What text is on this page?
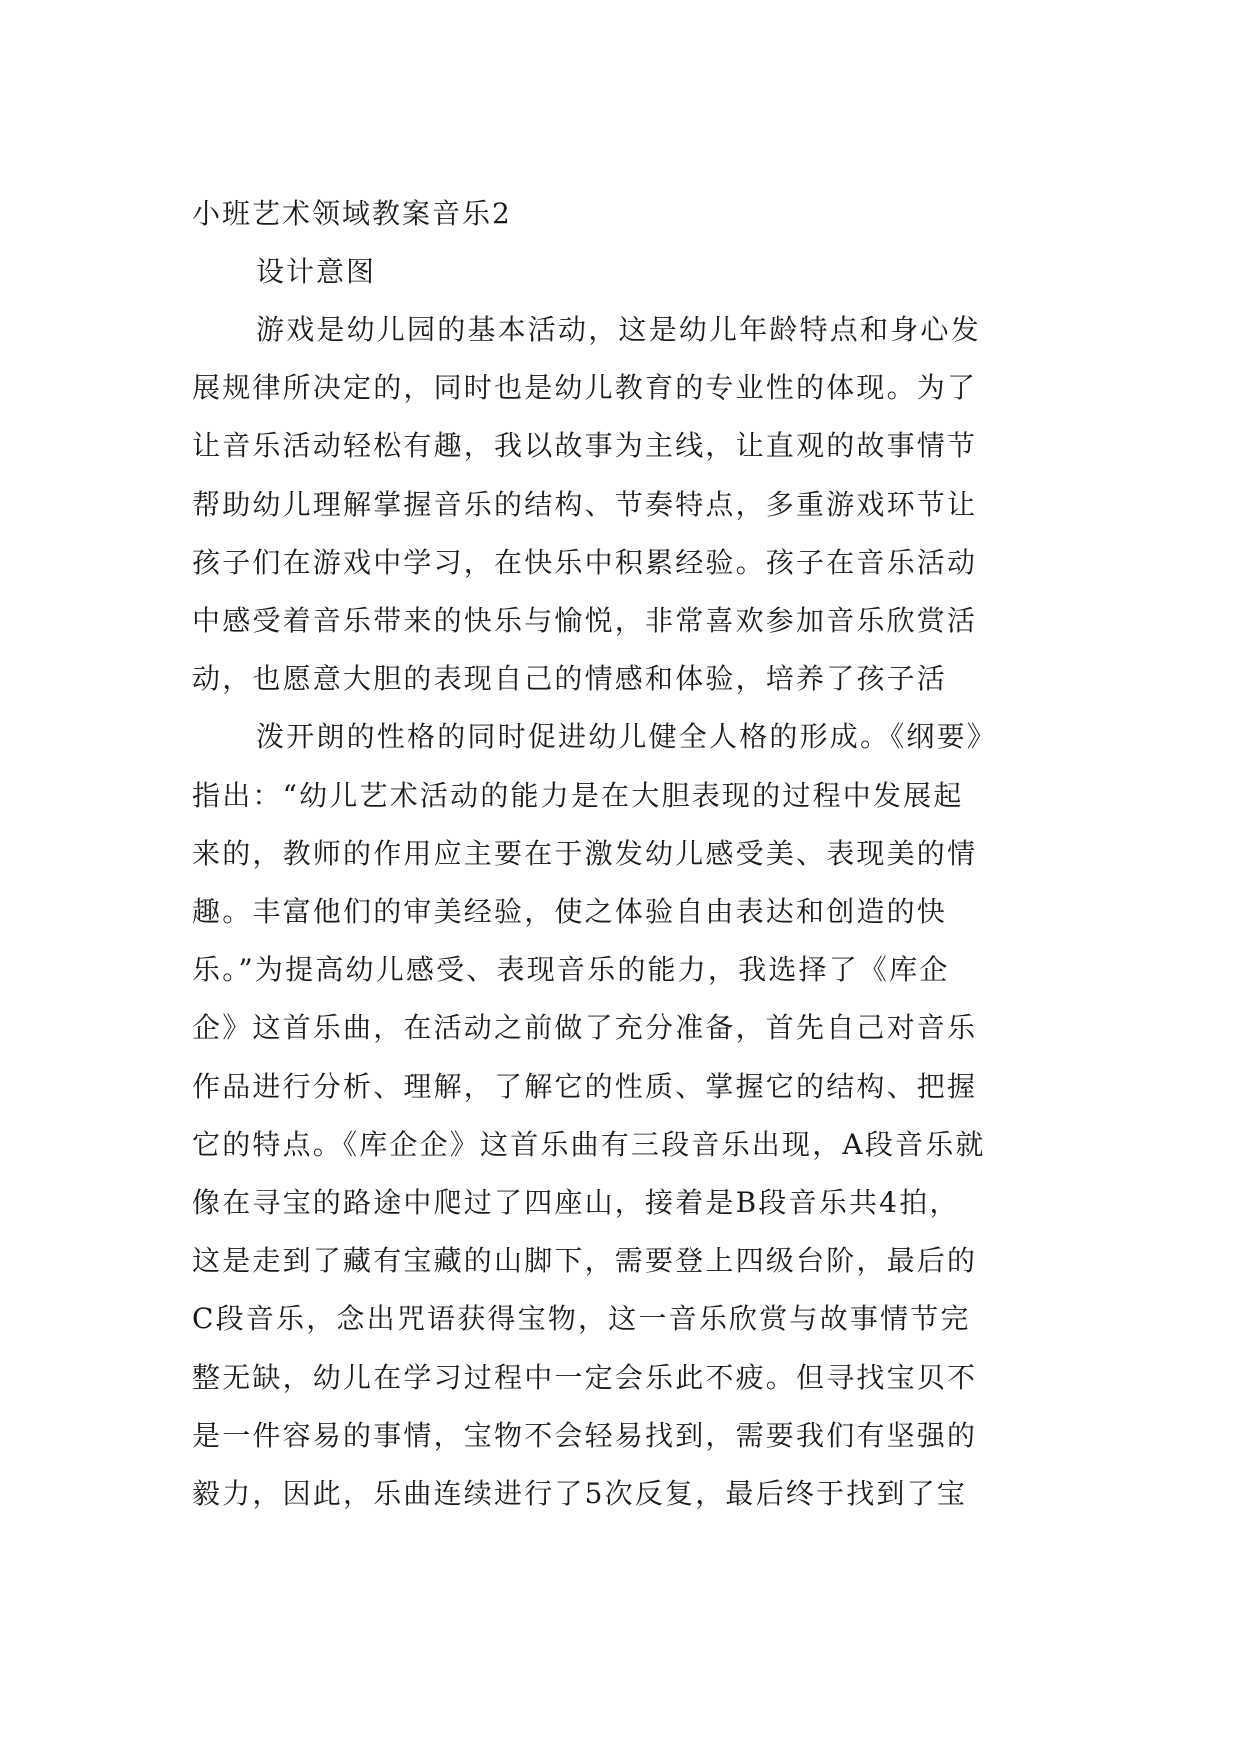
小班艺术领域教案音乐2

设计意图

游戏是幼儿园的基本活动，这是幼儿年龄特点和身心发

展规律所决定的，同时也是幼儿教育的专业性的体现。为了

让音乐活动轻松有趣，我以故事为主线，让直观的故事情节

帮助幼儿理解掌握音乐的结构、节奏特点，多重游戏环节让

孩子们在游戏中学习，在快乐中积累经验。孩子在音乐活动

中感受着音乐带来的快乐与愉悦，非常喜欢参加音乐欣赏活

动，也愿意大胆的表现自己的情感和体验，培养了孩子活

泼开朗的性格的同时促进幼儿健全人格的形成。《纲要》

指出：“幼儿艺术活动的能力是在大胆表现的过程中发展起

来的，教师的作用应主要在于激发幼儿感受美、表现美的情

趣。丰富他们的审美经验，使之体验自由表达和创造的快

乐。”为提高幼儿感受、表现音乐的能力，我选择了《库企

企》这首乐曲，在活动之前做了充分准备，首先自己对音乐

作品进行分析、理解，了解它的性质、掌握它的结构、把握

它的特点。《库企企》这首乐曲有三段音乐出现，A段音乐就

像在寻宝的路途中爬过了四座山，接着是B段音乐共4拍，

这是走到了藏有宝藏的山脚下，需要登上四级台阶，最后的

C段音乐，念出咒语获得宝物，这一音乐欣赏与故事情节完

整无缺，幼儿在学习过程中一定会乐此不疲。但寻找宝贝不

是一件容易的事情，宝物不会轻易找到，需要我们有坚强的

毅力，因此，乐曲连续进行了5次反复，最后终于找到了宝
